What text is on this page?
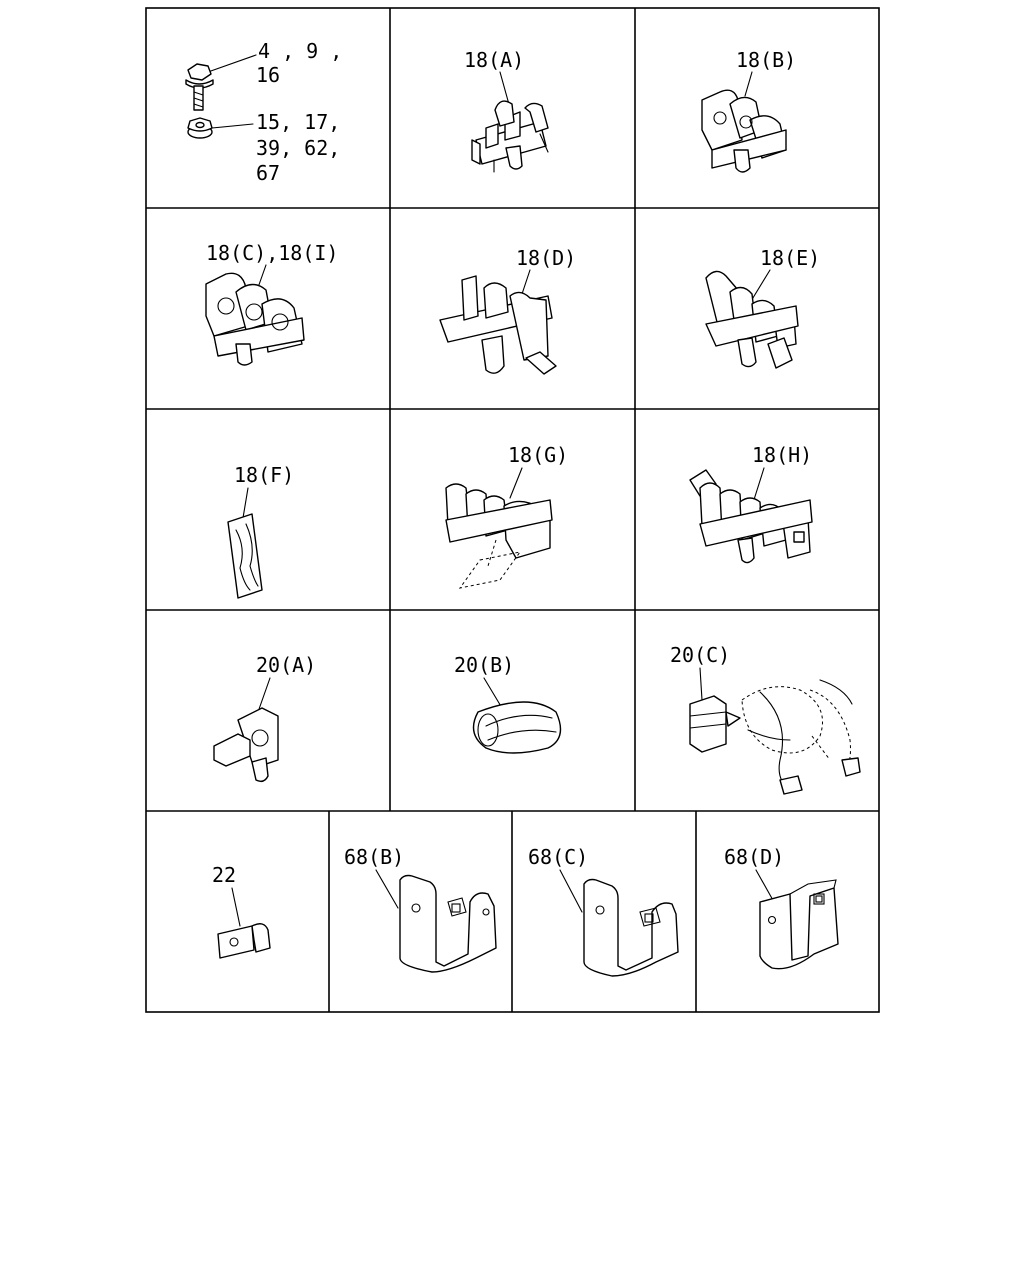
4 , 9 ,
16
15, 17,
39, 62,
67
18(A)	18(B)
18(C),18(I)	18(D)	18(E)
18(F)
18(G)	18(H)
20(A)	20(B)	20(C)
22
68(B)	68(C)	68(D)
